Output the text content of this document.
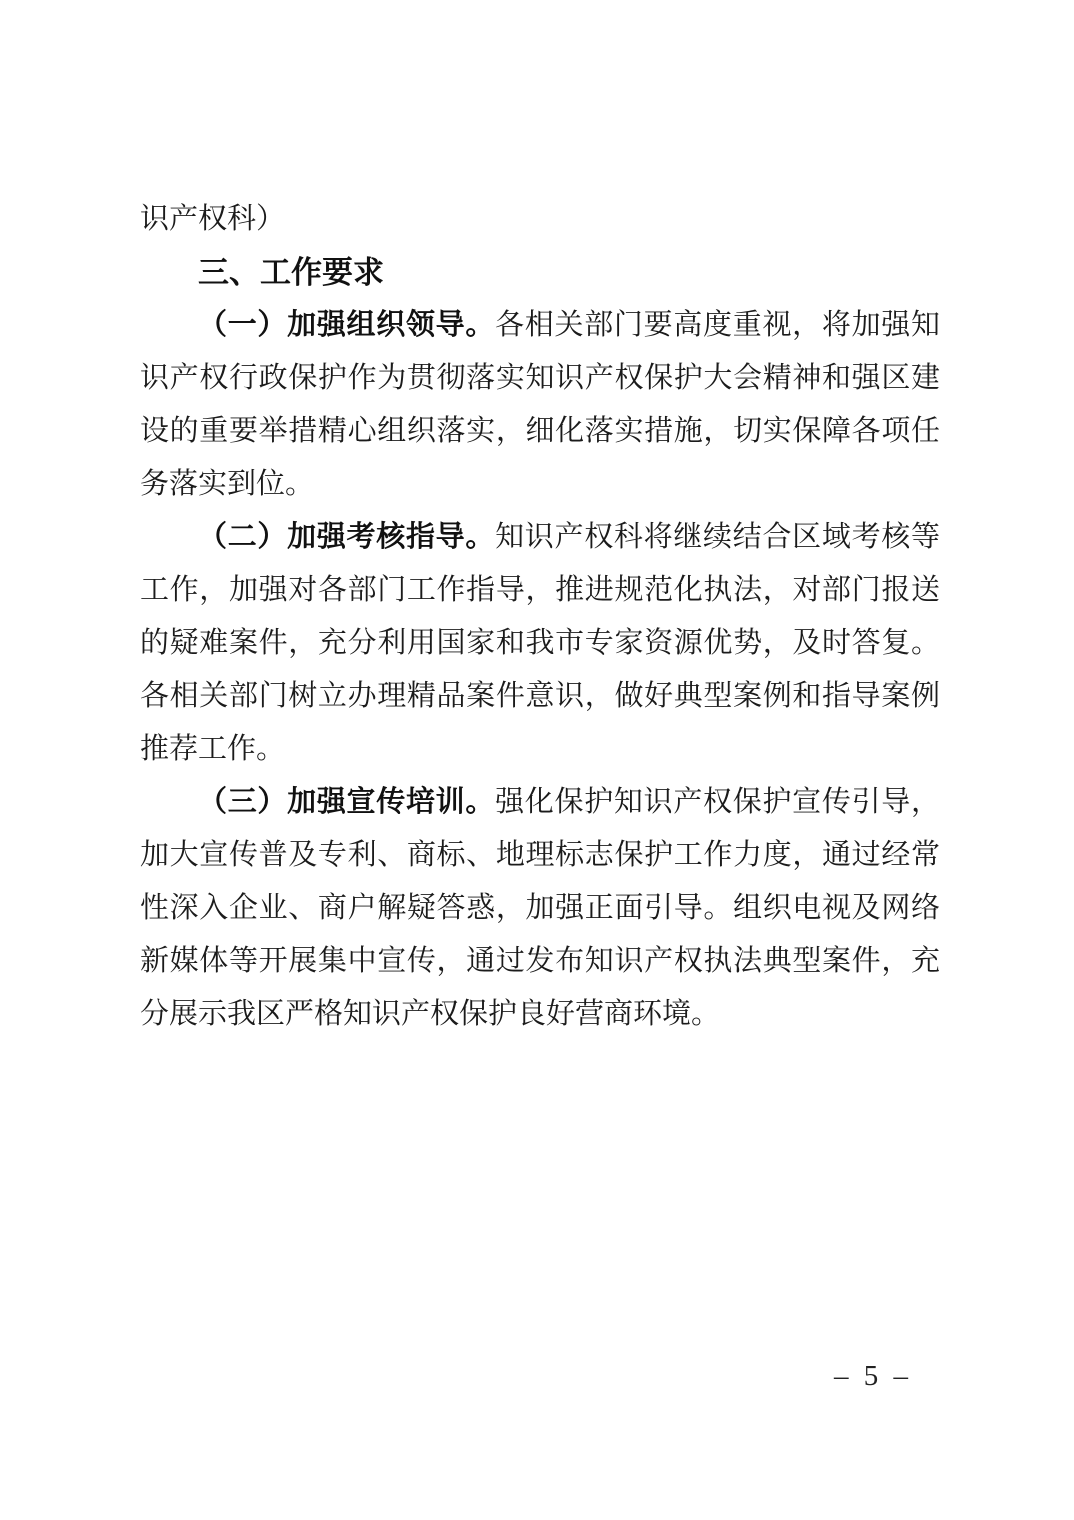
识产权科）
三、工作要求
（一）加强组织领导。各相关部门要高度重视，将加强知
识产权行政保护作为贯彻落实知识产权保护大会精神和强区建
设的重要举措精心组织落实，细化落实措施，切实保障各项任
务落实到位。
（二）加强考核指导。知识产权科将继续结合区域考核等
工作，加强对各部门工作指导，推进规范化执法，对部门报送
的疑难案件，充分利用国家和我市专家资源优势，及时答复。
各相关部门树立办理精品案件意识，做好典型案例和指导案例
推荐工作。
（三）加强宣传培训。强化保护知识产权保护宣传引导，
加大宣传普及专利、商标、地理标志保护工作力度，通过经常
性深入企业、商户解疑答惑，加强正面引导。组织电视及网络
新媒体等开展集中宣传，通过发布知识产权执法典型案件，充
分展示我区严格知识产权保护良好营商环境。
– 5 –
